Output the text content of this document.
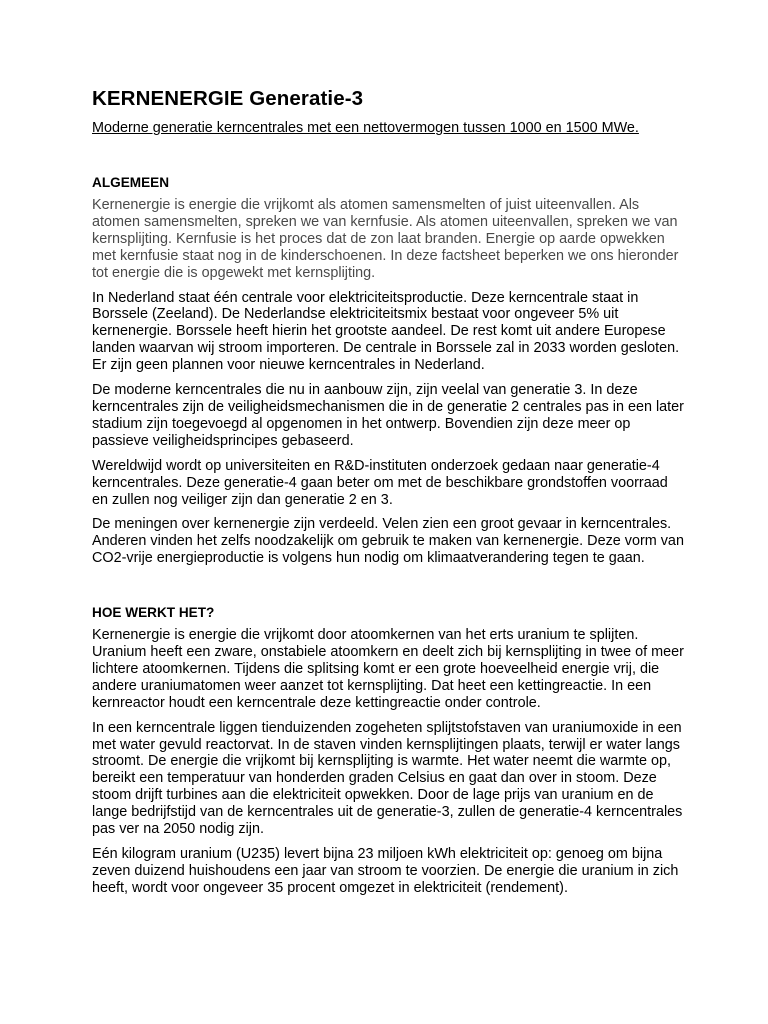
KERNENERGIE Generatie-3
Moderne generatie kerncentrales met een nettovermogen tussen 1000 en 1500 MWe.
ALGEMEEN

Kernenergie is energie die vrijkomt als atomen samensmelten of juist uiteenvallen. Als atomen samensmelten, spreken we van kernfusie. Als atomen uiteenvallen, spreken we van kernsplijting. Kernfusie is het proces dat de zon laat branden. Energie op aarde opwekken met kernfusie staat nog in de kinderschoenen. In deze factsheet beperken we ons hieronder tot energie die is opgewekt met kernsplijting.

In Nederland staat één centrale voor elektriciteitsproductie. Deze kerncentrale staat in Borssele (Zeeland). De Nederlandse elektriciteitsmix bestaat voor ongeveer 5% uit kernenergie. Borssele heeft hierin het grootste aandeel. De rest komt uit andere Europese landen waarvan wij stroom importeren. De centrale in Borssele zal in 2033 worden gesloten. Er zijn geen plannen voor nieuwe kerncentrales in Nederland.

De moderne kerncentrales die nu in aanbouw zijn, zijn veelal van generatie 3. In deze kerncentrales zijn de veiligheidsmechanismen die in de generatie 2 centrales pas in een later stadium zijn toegevoegd al opgenomen in het ontwerp. Bovendien zijn deze meer op passieve veiligheidsprincipes gebaseerd.

Wereldwijd wordt op universiteiten en R&D-instituten onderzoek gedaan naar generatie-4 kerncentrales. Deze generatie-4 gaan beter om met de beschikbare grondstoffen voorraad en zullen nog veiliger zijn dan generatie 2 en 3.

De meningen over kernenergie zijn verdeeld. Velen zien een groot gevaar in kerncentrales. Anderen vinden het zelfs noodzakelijk om gebruik te maken van kernenergie. Deze vorm van CO2-vrije energieproductie is volgens hun nodig om klimaatverandering tegen te gaan.

HOE WERKT HET?

Kernenergie is energie die vrijkomt door atoomkernen van het erts uranium te splijten. Uranium heeft een zware, onstabiele atoomkern en deelt zich bij kernsplijting in twee of meer lichtere atoomkernen. Tijdens die splitsing komt er een grote hoeveelheid energie vrij, die andere uraniumatomen weer aanzet tot kernsplijting. Dat heet een kettingreactie. In een kernreactor houdt een kerncentrale deze kettingreactie onder controle.

In een kerncentrale liggen tienduizenden zogeheten splijtstofstaven van uraniumoxide in een met water gevuld reactorvat. In de staven vinden kernsplijtingen plaats, terwijl er water langs stroomt. De energie die vrijkomt bij kernsplijting is warmte. Het water neemt die warmte op, bereikt een temperatuur van honderden graden Celsius en gaat dan over in stoom. Deze stoom drijft turbines aan die elektriciteit opwekken. Door de lage prijs van uranium en de lange bedrijfstijd van de kerncentrales uit de generatie-3, zullen de generatie-4 kerncentrales pas ver na 2050 nodig zijn.

Eén kilogram uranium (U235) levert bijna 23 miljoen kWh elektriciteit op: genoeg om bijna zeven duizend huishoudens een jaar van stroom te voorzien. De energie die uranium in zich heeft, wordt voor ongeveer 35 procent omgezet in elektriciteit (rendement).
